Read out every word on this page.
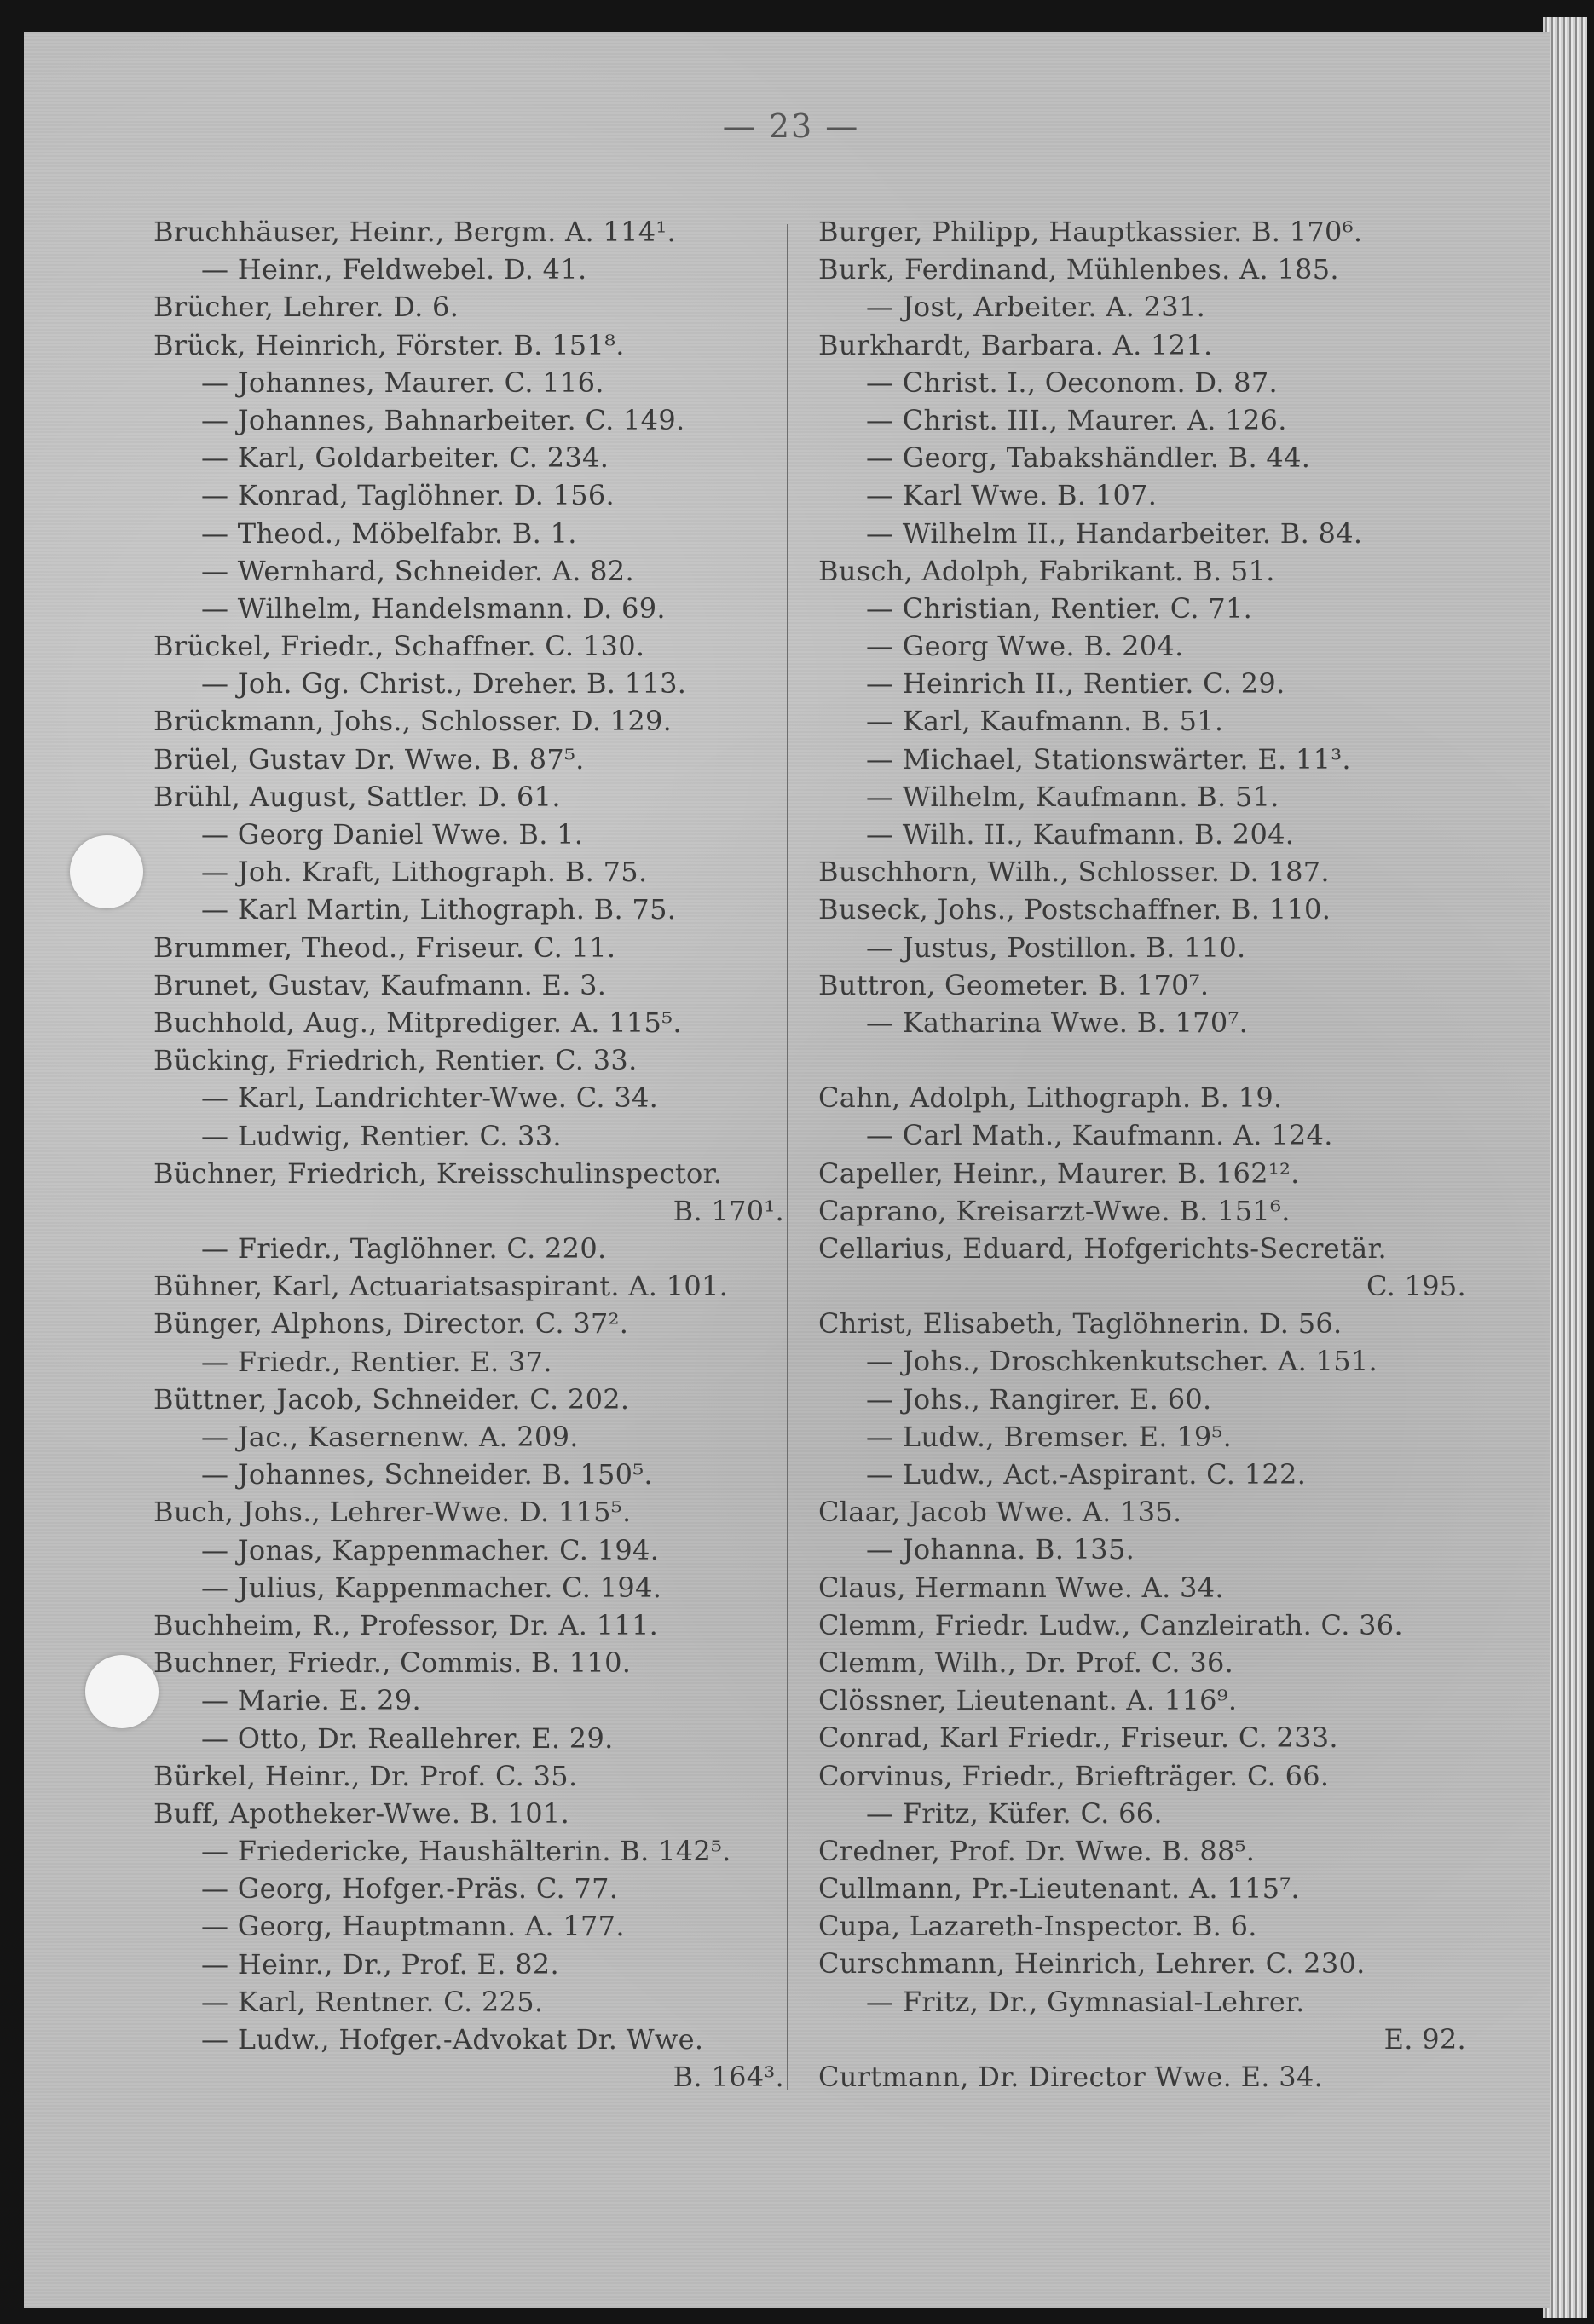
— 23 —
Bruchhäuser, Heinr., Bergm. A. 114¹.
— Heinr., Feldwebel. D. 41.
Brücher, Lehrer. D. 6.
Brück, Heinrich, Förster. B. 151⁸.
— Johannes, Maurer. C. 116.
— Johannes, Bahnarbeiter. C. 149.
— Karl, Goldarbeiter. C. 234.
— Konrad, Taglöhner. D. 156.
— Theod., Möbelfabr. B. 1.
— Wernhard, Schneider. A. 82.
— Wilhelm, Handelsmann. D. 69.
Brückel, Friedr., Schaffner. C. 130.
— Joh. Gg. Christ., Dreher. B. 113.
Brückmann, Johs., Schlosser. D. 129.
Brüel, Gustav Dr. Wwe. B. 87⁵.
Brühl, August, Sattler. D. 61.
— Georg Daniel Wwe. B. 1.
— Joh. Kraft, Lithograph. B. 75.
— Karl Martin, Lithograph. B. 75.
Brummer, Theod., Friseur. C. 11.
Brunet, Gustav, Kaufmann. E. 3.
Buchhold, Aug., Mitprediger. A. 115⁵.
Bücking, Friedrich, Rentier. C. 33.
— Karl, Landrichter-Wwe. C. 34.
— Ludwig, Rentier. C. 33.
Büchner, Friedrich, Kreisschulinspector.
B. 170¹.
— Friedr., Taglöhner. C. 220.
Bühner, Karl, Actuariatsaspirant. A. 101.
Bünger, Alphons, Director. C. 37².
— Friedr., Rentier. E. 37.
Büttner, Jacob, Schneider. C. 202.
— Jac., Kasernenw. A. 209.
— Johannes, Schneider. B. 150⁵.
Buch, Johs., Lehrer-Wwe. D. 115⁵.
— Jonas, Kappenmacher. C. 194.
— Julius, Kappenmacher. C. 194.
Buchheim, R., Professor, Dr. A. 111.
Buchner, Friedr., Commis. B. 110.
— Marie. E. 29.
— Otto, Dr. Reallehrer. E. 29.
Bürkel, Heinr., Dr. Prof. C. 35.
Buff, Apotheker-Wwe. B. 101.
— Friedericke, Haushälterin. B. 142⁵.
— Georg, Hofger.-Präs. C. 77.
— Georg, Hauptmann. A. 177.
— Heinr., Dr., Prof. E. 82.
— Karl, Rentner. C. 225.
— Ludw., Hofger.-Advokat Dr. Wwe.
B. 164³.
Burger, Philipp, Hauptkassier. B. 170⁶.
Burk, Ferdinand, Mühlenbes. A. 185.
— Jost, Arbeiter. A. 231.
Burkhardt, Barbara. A. 121.
— Christ. I., Oeconom. D. 87.
— Christ. III., Maurer. A. 126.
— Georg, Tabakshändler. B. 44.
— Karl Wwe. B. 107.
— Wilhelm II., Handarbeiter. B. 84.
Busch, Adolph, Fabrikant. B. 51.
— Christian, Rentier. C. 71.
— Georg Wwe. B. 204.
— Heinrich II., Rentier. C. 29.
— Karl, Kaufmann. B. 51.
— Michael, Stationswärter. E. 11³.
— Wilhelm, Kaufmann. B. 51.
— Wilh. II., Kaufmann. B. 204.
Buschhorn, Wilh., Schlosser. D. 187.
Buseck, Johs., Postschaffner. B. 110.
— Justus, Postillon. B. 110.
Buttron, Geometer. B. 170⁷.
— Katharina Wwe. B. 170⁷.
Cahn, Adolph, Lithograph. B. 19.
— Carl Math., Kaufmann. A. 124.
Capeller, Heinr., Maurer. B. 162¹².
Caprano, Kreisarzt-Wwe. B. 151⁶.
Cellarius, Eduard, Hofgerichts-Secretär.
C. 195.
Christ, Elisabeth, Taglöhnerin. D. 56.
— Johs., Droschkenkutscher. A. 151.
— Johs., Rangirer. E. 60.
— Ludw., Bremser. E. 19⁵.
— Ludw., Act.-Aspirant. C. 122.
Claar, Jacob Wwe. A. 135.
— Johanna. B. 135.
Claus, Hermann Wwe. A. 34.
Clemm, Friedr. Ludw., Canzleirath. C. 36.
Clemm, Wilh., Dr. Prof. C. 36.
Clössner, Lieutenant. A. 116⁹.
Conrad, Karl Friedr., Friseur. C. 233.
Corvinus, Friedr., Briefträger. C. 66.
— Fritz, Küfer. C. 66.
Credner, Prof. Dr. Wwe. B. 88⁵.
Cullmann, Pr.-Lieutenant. A. 115⁷.
Cupa, Lazareth-Inspector. B. 6.
Curschmann, Heinrich, Lehrer. C. 230.
— Fritz, Dr., Gymnasial-Lehrer.
E. 92.
Curtmann, Dr. Director Wwe. E. 34.
